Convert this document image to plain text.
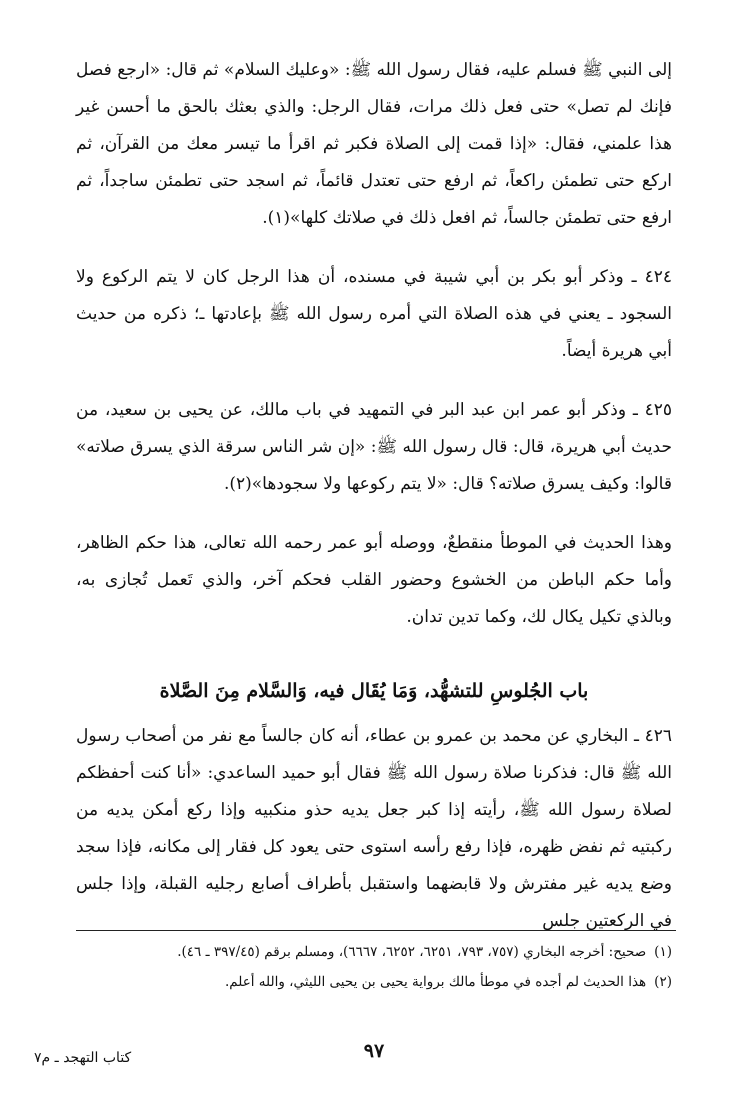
إلى النبي ﷺ فسلم عليه، فقال رسول الله ﷺ: «وعليك السلام» ثم قال: «ارجع فصل فإنك لم تصل» حتى فعل ذلك مرات، فقال الرجل: والذي بعثك بالحق ما أحسن غير هذا علمني، فقال: «إذا قمت إلى الصلاة فكبر ثم اقرأ ما تيسر معك من القرآن، ثم اركع حتى تطمئن راكعاً، ثم ارفع حتى تعتدل قائماً، ثم اسجد حتى تطمئن ساجداً، ثم ارفع حتى تطمئن جالساً، ثم افعل ذلك في صلاتك كلها»(١).

٤٢٤ ـ وذكر أبو بكر بن أبي شيبة في مسنده، أن هذا الرجل كان لا يتم الركوع ولا السجود ـ يعني في هذه الصلاة التي أمره رسول الله ﷺ بإعادتها ـ؛ ذكره من حديث أبي هريرة أيضاً.

٤٢٥ ـ وذكر أبو عمر ابن عبد البر في التمهيد في باب مالك، عن يحيى بن سعيد، من حديث أبي هريرة، قال: قال رسول الله ﷺ: «إن شر الناس سرقة الذي يسرق صلاته» قالوا: وكيف يسرق صلاته؟ قال: «لا يتم ركوعها ولا سجودها»(٢).

وهذا الحديث في الموطأ منقطعٌ، ووصله أبو عمر رحمه الله تعالى، هذا حكم الظاهر، وأما حكم الباطن من الخشوع وحضور القلب فحكم آخر، والذي تَعمل تُجازى به، وبالذي تكيل يكال لك، وكما تدين تدان.

باب الجُلوسِ للتشهُّد، وَمَا يُقَال فيه، وَالسَّلام مِنَ الصَّلاة

٤٢٦ ـ البخاري عن محمد بن عمرو بن عطاء، أنه كان جالساً مع نفر من أصحاب رسول الله ﷺ قال: فذكرنا صلاة رسول الله ﷺ فقال أبو حميد الساعدي: «أنا كنت أحفظكم لصلاة رسول الله ﷺ، رأيته إذا كبر جعل يديه حذو منكبيه وإذا ركع أمكن يديه من ركبتيه ثم نفض ظهره، فإذا رفع رأسه استوى حتى يعود كل فقار إلى مكانه، فإذا سجد وضع يديه غير مفترش ولا قابضهما واستقبل بأطراف أصابع رجليه القبلة، وإذا جلس في الركعتين جلس

(١)صحيح: أخرجه البخاري (٧٥٧، ٧٩٣، ٦٢٥١، ٦٢٥٢، ٦٦٦٧)، ومسلم برقم (٣٩٧/٤٥ ـ ٤٦).

(٢)هذا الحديث لم أجده في موطأ مالك برواية يحيى بن يحيى الليثي، والله أعلم.

٩٧
كتاب التهجد ـ م٧
